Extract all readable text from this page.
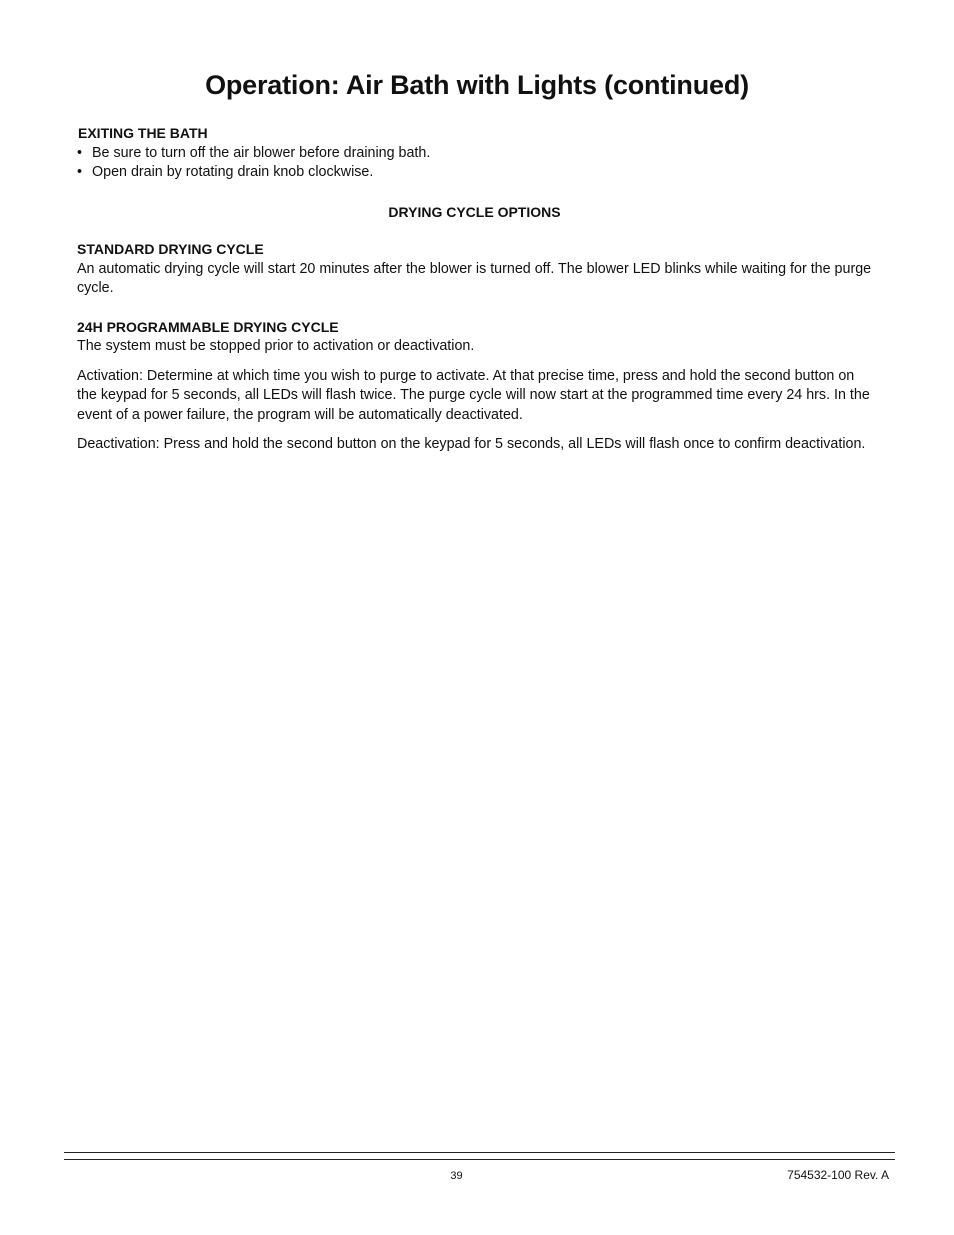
Operation: Air Bath with Lights (continued)

EXITING THE BATH

• Be sure to turn off the air blower before draining bath.
• Open drain by rotating drain knob clockwise.

DRYING CYCLE OPTIONS

STANDARD DRYING CYCLE

An automatic drying cycle will start 20 minutes after the blower is turned off. The blower LED blinks while waiting for the purge cycle.

24H PROGRAMMABLE DRYING CYCLE

The system must be stopped prior to activation or deactivation.

Activation: Determine at which time you wish to purge to activate. At that precise time, press and hold the second button on the keypad for 5 seconds, all LEDs will flash twice. The purge cycle will now start at the programmed time every 24 hrs. In the event of a power failure, the program will be automatically deactivated.

Deactivation: Press and hold the second button on the keypad for 5 seconds, all LEDs will flash once to confirm deactivation.

39	754532-100 Rev. A
